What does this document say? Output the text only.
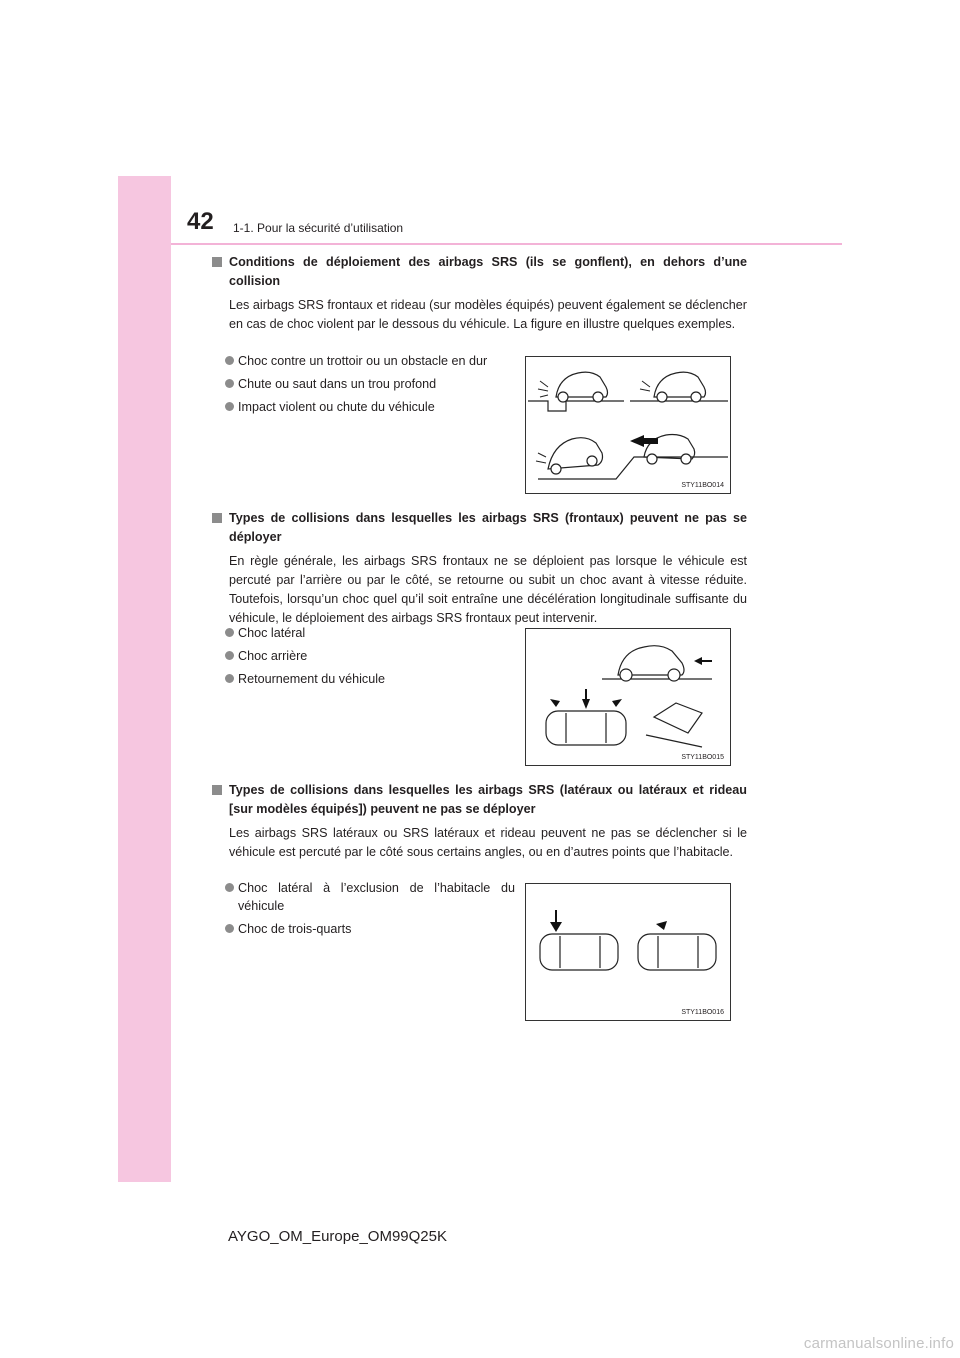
42 1-1. Pour la sécurité d’utilisation

Conditions de déploiement des airbags SRS (ils se gonflent), en dehors d’une collision

Les airbags SRS frontaux et rideau (sur modèles équipés) peuvent également se déclencher en cas de choc violent par le dessous du véhicule. La figure en illustre quelques exemples.

Choc contre un trottoir ou un obstacle en dur
Chute ou saut dans un trou profond
Impact violent ou chute du véhicule
STY11BO014

Types de collisions dans lesquelles les airbags SRS (frontaux) peuvent ne pas se déployer

En règle générale, les airbags SRS frontaux ne se déploient pas lorsque le véhicule est percuté par l’arrière ou par le côté, se retourne ou subit un choc avant à vitesse réduite. Toutefois, lorsqu’un choc quel qu’il soit entraîne une décélération longitudinale suffisante du véhicule, le déploiement des airbags SRS frontaux peut intervenir.

Choc latéral
Choc arrière
Retournement du véhicule
STY11BO015

Types de collisions dans lesquelles les airbags SRS (latéraux ou latéraux et rideau [sur modèles équipés]) peuvent ne pas se déployer

Les airbags SRS latéraux ou SRS latéraux et rideau peuvent ne pas se déclencher si le véhicule est percuté par le côté sous certains angles, ou en d’autres points que l’habitacle.

Choc latéral à l’exclusion de l’habitacle du véhicule
Choc de trois-quarts
STY11BO016
AYGO_OM_Europe_OM99Q25K
carmanualsonline.info
